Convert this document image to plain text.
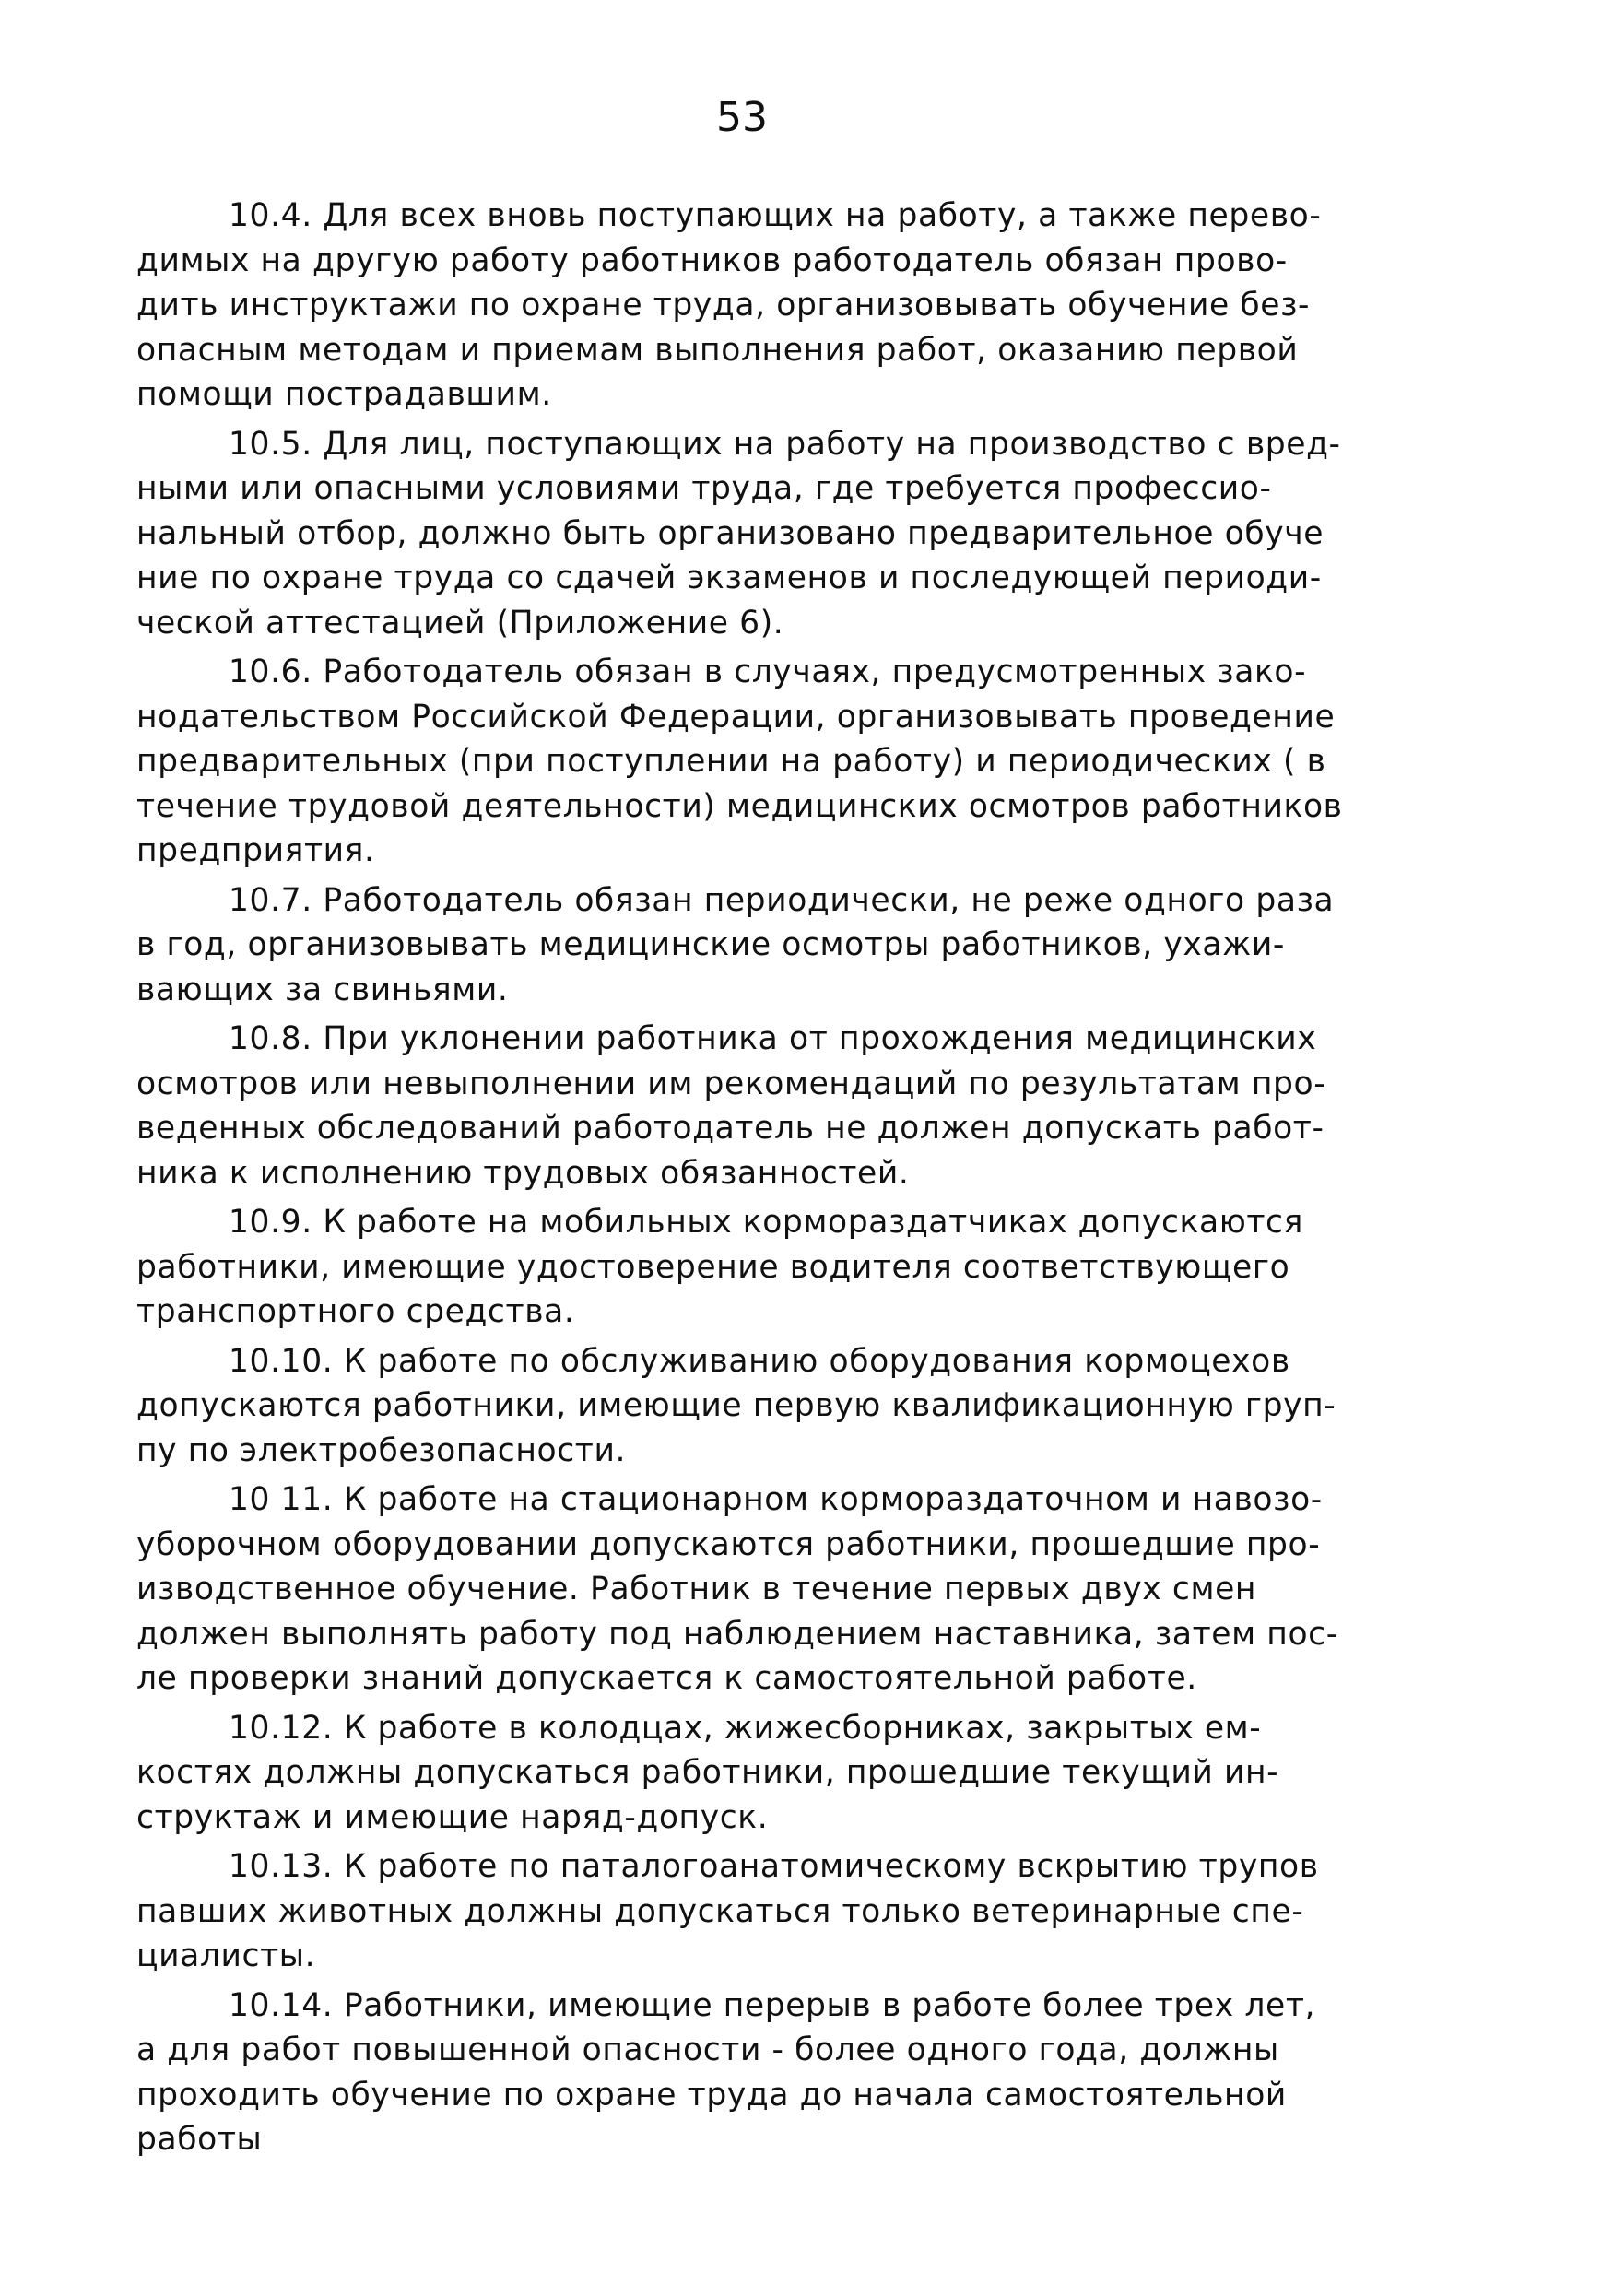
53
10.4. Для всех вновь поступающих на работу, а также перево-
димых на другую работу работников работодатель обязан прово-
дить инструктажи по охране труда, организовывать обучение без-
опасным методам и приемам выполнения работ, оказанию первой
помощи пострадавшим.
10.5. Для лиц, поступающих на работу на производство с вред-
ными или опасными условиями труда, где требуется профессио-
нальный отбор, должно быть организовано предварительное обуче
ние по охране труда со сдачей экзаменов и последующей периоди-
ческой аттестацией (Приложение 6).
10.6. Работодатель обязан в случаях, предусмотренных зако-
нодательством Российской Федерации, организовывать проведение
предварительных (при поступлении на работу) и периодических ( в
течение трудовой деятельности) медицинских осмотров работников
предприятия.
10.7. Работодатель обязан периодически, не реже одного раза
в год, организовывать медицинские осмотры работников, ухажи-
вающих за свиньями.
10.8. При уклонении работника от прохождения медицинских
осмотров или невыполнении им рекомендаций по результатам про-
веденных обследований работодатель не должен допускать работ-
ника к исполнению трудовых обязанностей.
10.9. К работе на мобильных кормораздатчиках допускаются
работники, имеющие удостоверение водителя соответствующего
транспортного средства.
10.10. К работе по обслуживанию оборудования кормоцехов
допускаются работники, имеющие первую квалификационную груп-
пу по электробезопасности.
10 11. К работе на стационарном кормораздаточном и навозо-
уборочном оборудовании допускаются работники, прошедшие про-
изводственное обучение. Работник в течение первых двух смен
должен выполнять работу под наблюдением наставника, затем пос-
ле проверки знаний допускается к самостоятельной работе.
10.12. К работе в колодцах, жижесборниках, закрытых ем-
костях должны допускаться работники, прошедшие текущий ин-
структаж и имеющие наряд-допуск.
10.13. К работе по паталогоанатомическому вскрытию трупов
павших животных должны допускаться только ветеринарные спе-
циалисты.
10.14. Работники, имеющие перерыв в работе более трех лет,
а для работ повышенной опасности - более одного года, должны
проходить обучение по охране труда до начала самостоятельной
работы
